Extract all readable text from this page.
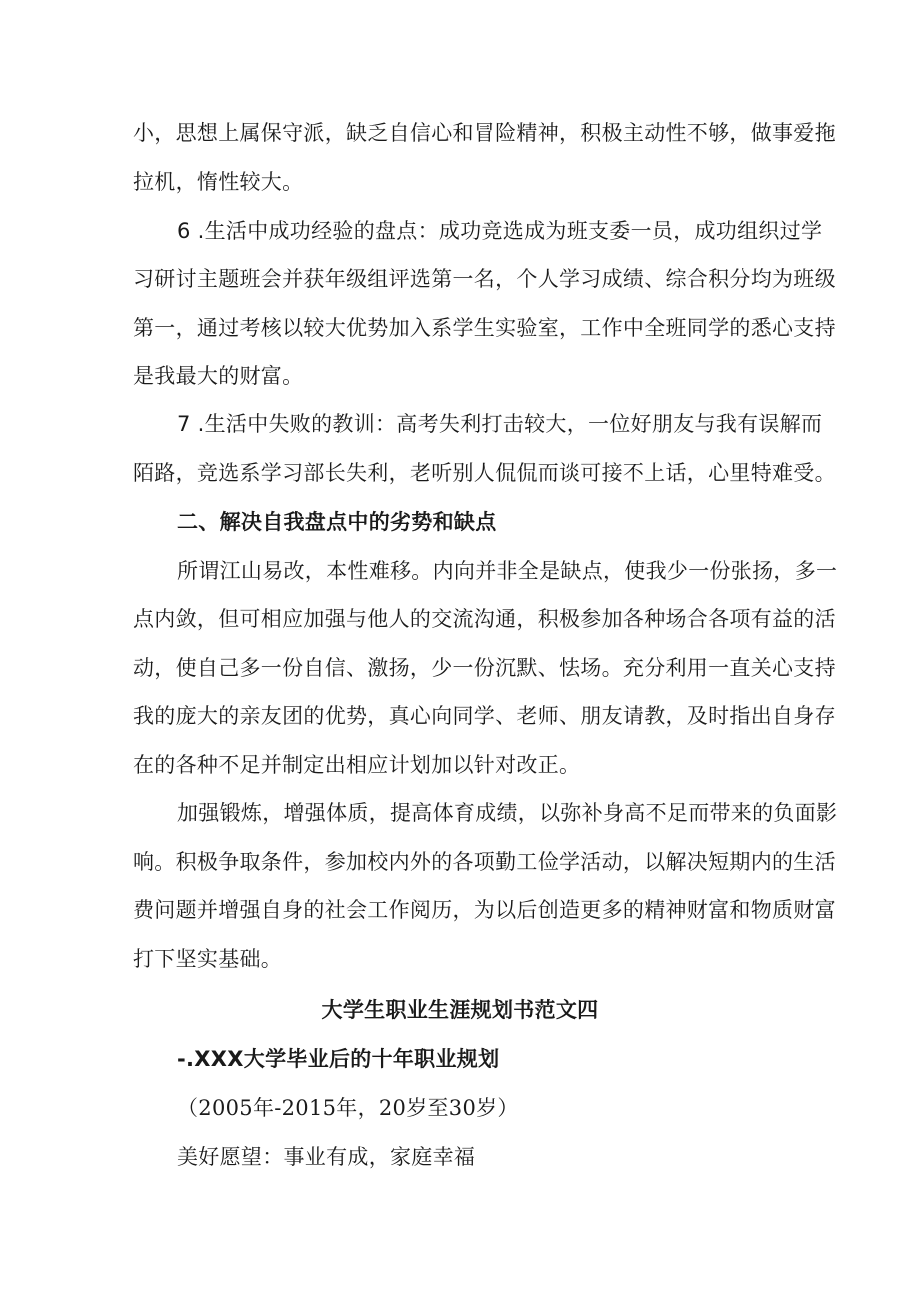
小，思想上属保守派，缺乏自信心和冒险精神，积极主动性不够，做事爱拖
拉机，惰性较大。
6 .生活中成功经验的盘点：成功竞选成为班支委一员，成功组织过学
习研讨主题班会并获年级组评选第一名，个人学习成绩、综合积分均为班级
第一，通过考核以较大优势加入系学生实验室，工作中全班同学的悉心支持
是我最大的财富。
7 .生活中失败的教训：高考失利打击较大，一位好朋友与我有误解而
陌路，竞选系学习部长失利，老听别人侃侃而谈可接不上话，心里特难受。
二、解决自我盘点中的劣势和缺点
所谓江山易改，本性难移。内向并非全是缺点，使我少一份张扬，多一
点内敛，但可相应加强与他人的交流沟通，积极参加各种场合各项有益的活
动，使自己多一份自信、激扬，少一份沉默、怯场。充分利用一直关心支持
我的庞大的亲友团的优势，真心向同学、老师、朋友请教，及时指出自身存
在的各种不足并制定出相应计划加以针对改正。
加强锻炼，增强体质，提高体育成绩，以弥补身高不足而带来的负面影
响。积极争取条件，参加校内外的各项勤工俭学活动，以解决短期内的生活
费问题并增强自身的社会工作阅历，为以后创造更多的精神财富和物质财富
打下坚实基础。
大学生职业生涯规划书范文四
-.XXX大学毕业后的十年职业规划
（2005年-2015年，20岁至30岁）
美好愿望：事业有成，家庭幸福
